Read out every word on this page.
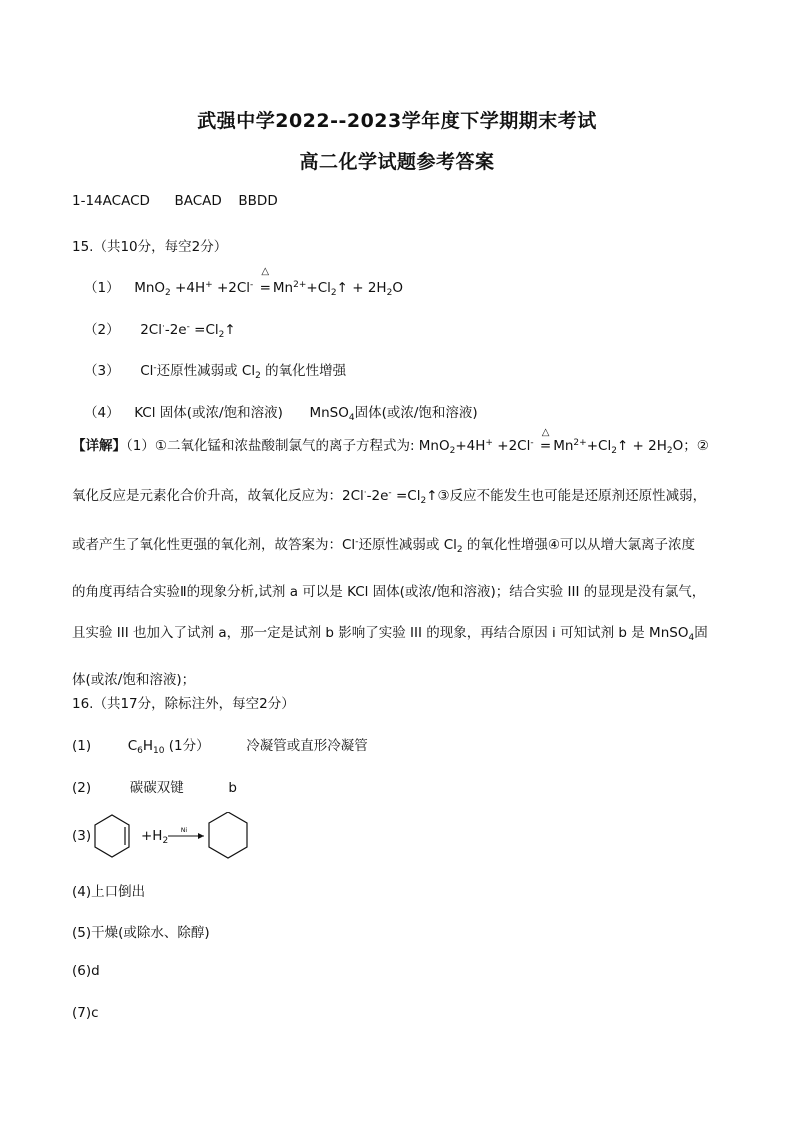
武强中学2022--2023学年度下学期期末考试
高二化学试题参考答案
1-14ACACD BACAD BBDD
15.（共10分，每空2分）
（1） MnO$_2$ +4H+ +2Cl-
△
= $Mn^{2+}+Cl_2↑ + 2H_2O$
（2） $2Cl^\cdot-2e^- =Cl_2↑$
（3） Cl-还原性减弱或 $Cl_2$ 的氧化性增强
（4） KCl 固体(或浓/饱和溶液) MnSO$_4$固体(或浓/饱和溶液)

【详解】（1）①二氧化锰和浓盐酸制氯气的离子方程式为: MnO$_2$+4H+ +2Cl-
△
= $Mn^{2+}+Cl_2↑ + 2H_2O$；②

氧化反应是元素化合价升高，故氧化反应为：$2Cl^\cdot-2e^- =Cl_2↑③$反应不能发生也可能是还原剂还原性减弱，

或者产生了氧化性更强的氧化剂，故答案为：Cl-还原性减弱或 $Cl_2$ 的氧化性增强④可以从增大氯离子浓度

的角度再结合实验Ⅱ的现象分析,试剂 a 可以是 KCl 固体(或浓/饱和溶液)；结合实验 III 的显现是没有氯气，

且实验 III 也加入了试剂 a，那一定是试剂 b 影响了实验 III 的现象，再结合原因 i 可知试剂 b 是 MnSO$_4$固

体(或浓/饱和溶液)；

16.（共17分，除标注外，每空2分）
(1)	$C_6H_{10}$ (1分）	冷凝管或直形冷凝管
(2)	碳碳双键	b
(3)	Ni
$+H_2$
(4)上口倒出
(5)干燥(或除水、除醇)
(6)d
(7)c
